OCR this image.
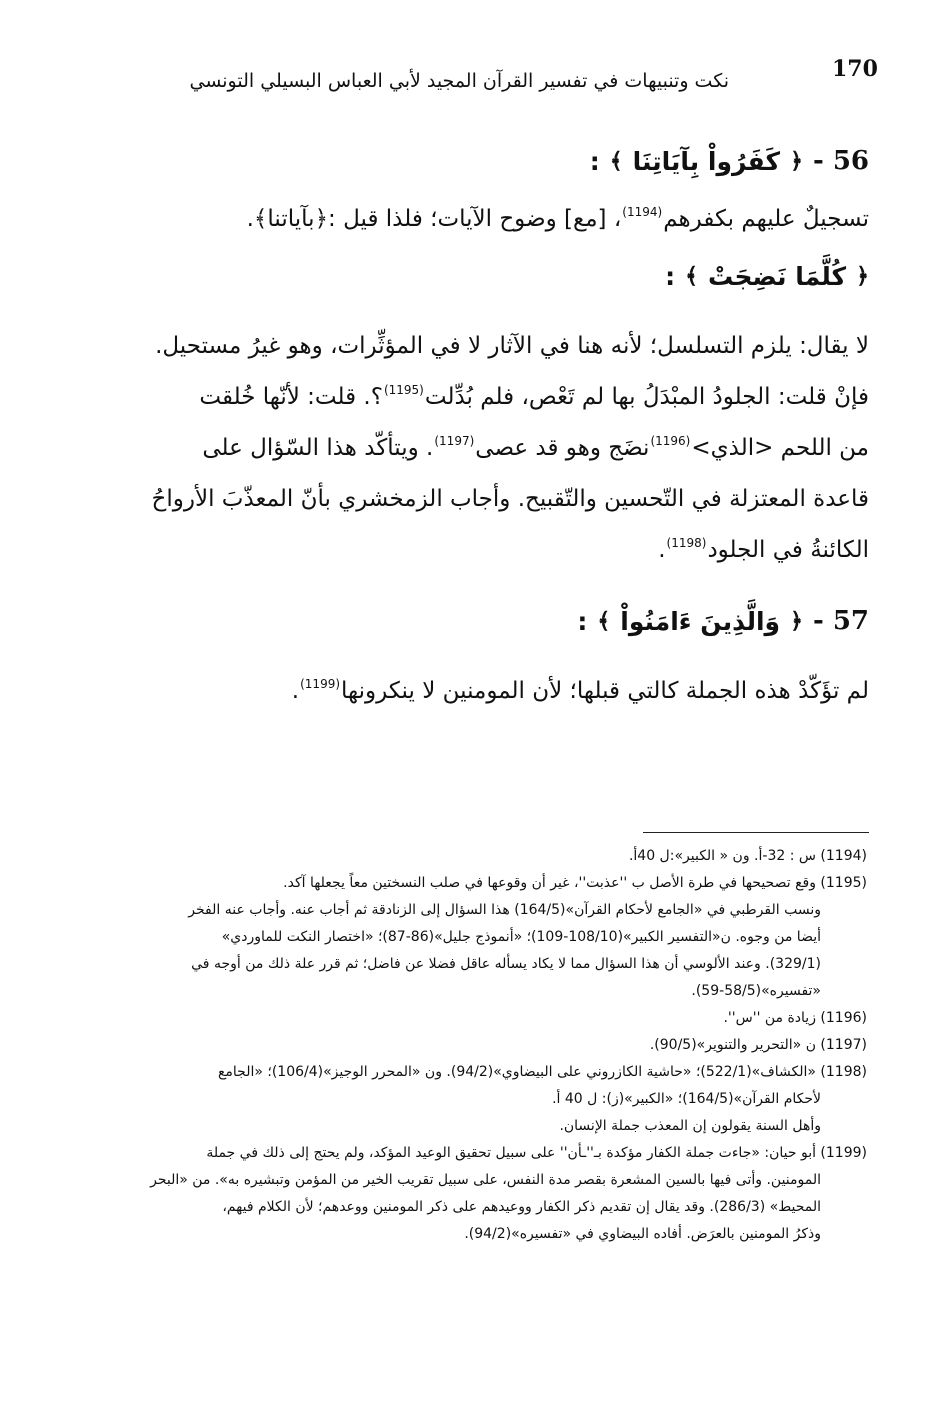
170
نكت وتنبيهات في تفسير القرآن المجيد لأبي العباس البسيلي التونسي
56 -
﴿
كَفَرُواْ بِآيَاتِنَا
﴾
:

تسجيلٌ عليهم بكفرهم$^{(1194)}$، [مع] وضوح الآيات؛ فلذا قيل :﴿بآياتنا﴾.

﴿
كُلَّمَا نَضِجَتْ
﴾
:

لا يقال: يلزم التسلسل؛ لأنه هنا في الآثار لا في المؤثِّرات، وهو غيرُ مستحيل.

فإنْ قلت: الجلودُ المبْدَلُ بها لم تَعْص، فلم بُدِّلت$^{(1195)}$؟. قلت: لأنّها خُلقت

من اللحم <الذي>$^{(1196)}$نضَج وهو قد عصى$^{(1197)}$. ويتأكّد هذا السّؤال على

قاعدة المعتزلة في التّحسين والتّقبيح. وأجاب الزمخشري بأنّ المعذّبَ الأرواحُ

الكائنةُ في الجلود$^{(1198)}$.

57 -
﴿
وَالَّذِينَ ءَامَنُواْ
﴾
:

لم تؤَكّدْ هذه الجملة كالتي قبلها؛ لأن المومنين لا ينكرونها$^{(1199)}$.

(1194) س : 32-أ. ون « الكبير»:ل 40أ.
(1195) وقع تصحيحها في طرة الأصل ب ''عذبت''، غير أن وقوعها في صلب النسختين معاً يجعلها آكد.
ونسب القرطبي في «الجامع لأحكام القرآن»(164/5) هذا السؤال إلى الزنادقة ثم أجاب عنه. وأجاب عنه الفخر
أيضا من وجوه. ن«التفسير الكبير»(108/10-109)؛ «أنموذج جليل»(86-87)؛ «اختصار النكت للماوردي»
(329/1). وعند الألوسي أن هذا السؤال مما لا يكاد يسأله عاقل فضلا عن فاضل؛ ثم قرر علة ذلك من أوجه في
«تفسيره»(58/5-59).
(1196) زيادة من ''س''.
(1197) ن «التحرير والتنوير»(90/5).
(1198) «الكشاف»(522/1)؛ «حاشية الكازروني على البيضاوي»(94/2). ون «المحرر الوجيز»(106/4)؛ «الجامع
لأحكام القرآن»(164/5)؛ «الكبير»(ز): ل 40 أ.
وأهل السنة يقولون إن المعذب جملة الإنسان.
(1199) أبو حيان: «جاءت جملة الكفار مؤكدة بـ''ـأن'' على سبيل تحقيق الوعيد المؤكد، ولم يحتج إلى ذلك في جملة
المومنين. وأتى فيها بالسين المشعرة بقصر مدة النفس، على سبيل تقريب الخير من المؤمن وتبشيره به». من «البحر
المحيط» (286/3). وقد يقال إن تقديم ذكر الكفار ووعيدهم على ذكر المومنين ووعدهم؛ لأن الكلام فيهم،
وذكرُ المومنين بالعرَض. أفاده البيضاوي في «تفسيره»(94/2).
